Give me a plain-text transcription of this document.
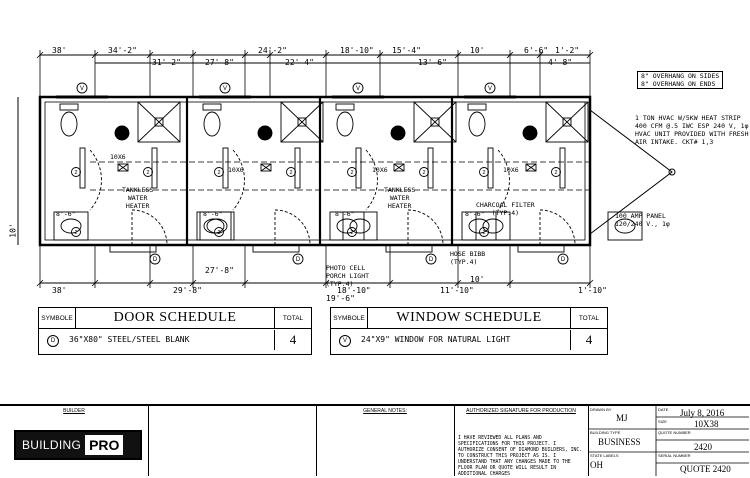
V
D
2	2
2
V
D
2	2
2
V
D
2	2
2
V
D
2	2
2
38'	34'-2"	24'-2"	18'-10" 15'-4"	10'	1'-2"
31'-2"	27'-8"	22'-4"	13'-6"
6'-6"
4'-8"
10'
38'	29'-8"
27'-8"
19'-6"
18'-10"	11'-10"
10'
1'-10"
10X6
10X6	10X6	10X6
8'-6"	8'-6"	8'-6"	8'-6"
8" OVERHANG ON SIDES
8" OVERHANG ON ENDS
1 TON HVAC W/5KW HEAT STRIP
400 CFM @.5 IWC ESP 240 V, 1φ
HVAC UNIT PROVIDED WITH FRESH
AIR INTAKE. CKT# 1,3
TANKLESS
WATER
HEATER
TANKLESS
WATER
HEATER	CHARCOAL FILTER
(TYP.4)	100 AMP PANEL
120/240 V., 1φ
HOSE BIBB
(TYP.4)
PHOTO CELL
PORCH LIGHT
(TYP.4)
SYMBOLE	DOOR SCHEDULE	TOTAL
D	36"X80" STEEL/STEEL BLANK	4
SYMBOLE	WINDOW SCHEDULE	TOTAL
V	24"X9" WINDOW FOR NATURAL LIGHT	4
BUILDER
BUILDING PRO
GENERAL NOTES:	AUTHORIZED SIGNATURE FOR PRODUCTION
I HAVE REVIEWED ALL PLANS AND SPECIFICATIONS FOR THIS PROJECT. I AUTHORIZE CONSENT OF DIAMOND BUILDERS, INC. TO CONSTRUCT THIS PROJECT AS IS. I UNDERSTAND THAT ANY CHANGES MADE TO THE FLOOR PLAN OR QUOTE WILL RESULT IN ADDITIONAL CHARGES
DRAWN BY
MJ
BUILDING TYPE
BUSINESS
STATE LABELS
OH
DATE July 8, 2016
SIZE	10X38
QUOTE NUMBER
2420
SERIAL NUMBER
QUOTE 2420
